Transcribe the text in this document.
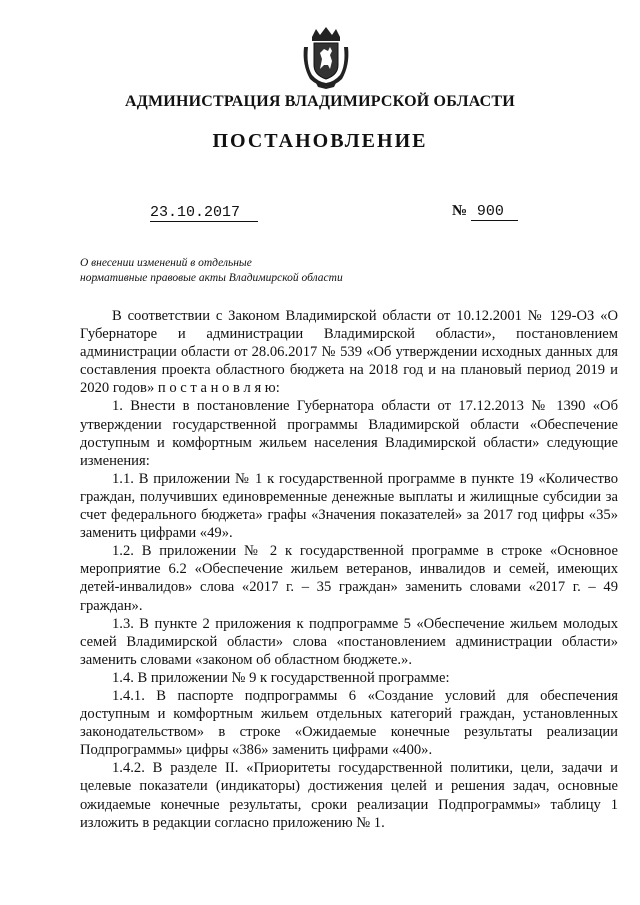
АДМИНИСТРАЦИЯ ВЛАДИМИРСКОЙ ОБЛАСТИ
ПОСТАНОВЛЕНИЕ
23.10.2017	№ 900
О внесении изменений в отдельные
нормативные правовые акты Владимирской области

В соответствии с Законом Владимирской области от 10.12.2001 № 129-ОЗ «О Губернаторе и администрации Владимирской области», постановлением администрации области от 28.06.2017 № 539 «Об утверждении исходных данных для составления проекта областного бюджета на 2018 год и на плановый период 2019 и 2020 годов» п о с т а н о в л я ю:

1. Внести в постановление Губернатора области от 17.12.2013 № 1390 «Об утверждении государственной программы Владимирской области «Обеспечение доступным и комфортным жильем населения Владимирской области» следующие изменения:

1.1. В приложении № 1 к государственной программе в пункте 19 «Количество граждан, получивших единовременные денежные выплаты и жилищные субсидии за счет федерального бюджета» графы «Значения показателей» за 2017 год цифры «35» заменить цифрами «49».

1.2. В приложении № 2 к государственной программе в строке «Основное мероприятие 6.2 «Обеспечение жильем ветеранов, инвалидов и семей, имеющих детей-инвалидов» слова «2017 г. – 35 граждан» заменить словами «2017 г. – 49 граждан».

1.3. В пункте 2 приложения к подпрограмме 5 «Обеспечение жильем молодых семей Владимирской области» слова «постановлением администрации области» заменить словами «законом об областном бюджете.».

1.4. В приложении № 9 к государственной программе:

1.4.1. В паспорте подпрограммы 6 «Создание условий для обеспечения доступным и комфортным жильем отдельных категорий граждан, установленных законодательством» в строке «Ожидаемые конечные результаты реализации Подпрограммы» цифры «386» заменить цифрами «400».

1.4.2. В разделе II. «Приоритеты государственной политики, цели, задачи и целевые показатели (индикаторы) достижения целей и решения задач, основные ожидаемые конечные результаты, сроки реализации Подпрограммы» таблицу 1 изложить в редакции согласно приложению № 1.
